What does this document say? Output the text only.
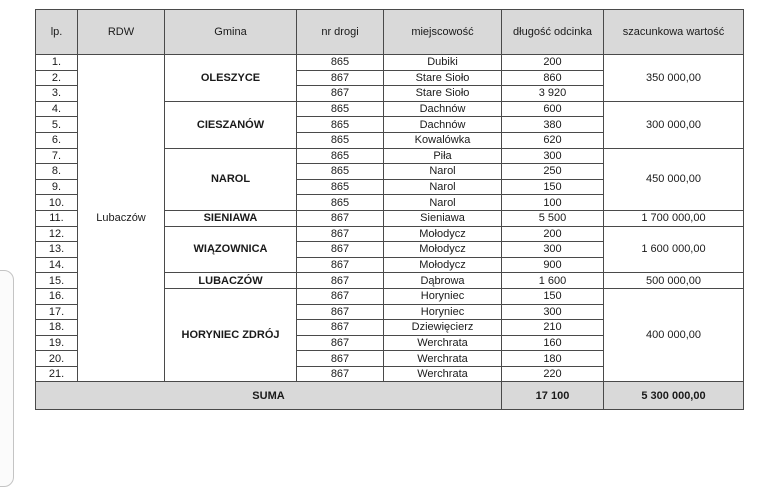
lp.	RDW	Gmina	nr drogi	miejscowość	długość odcinka	szacunkowa wartość
1.	Lubaczów	OLESZYCE	865	Dubiki	200	350 000,00
2.			867	Stare Sioło	860	
3.			867	Stare Sioło	3 920	
4.		CIESZANÓW	865	Dachnów	600	300 000,00
5.			865	Dachnów	380	
6.			865	Kowalówka	620	
7.		NAROL	865	Piła	300	450 000,00
8.			865	Narol	250	
9.			865	Narol	150	
10.			865	Narol	100	
11.		SIENIAWA	867	Sieniawa	5 500	1 700 000,00
12.		WIĄZOWNICA	867	Mołodycz	200	1 600 000,00
13.			867	Mołodycz	300	
14.			867	Mołodycz	900	
15.		LUBACZÓW	867	Dąbrowa	1 600	500 000,00
16.		HORYNIEC ZDRÓJ	867	Horyniec	150	400 000,00
17.			867	Horyniec	300	
18.			867	Dziewięcierz	210	
19.			867	Werchrata	160	
20.			867	Werchrata	180	
21.			867	Werchrata	220	
SUMA					17 100	5 300 000,00
